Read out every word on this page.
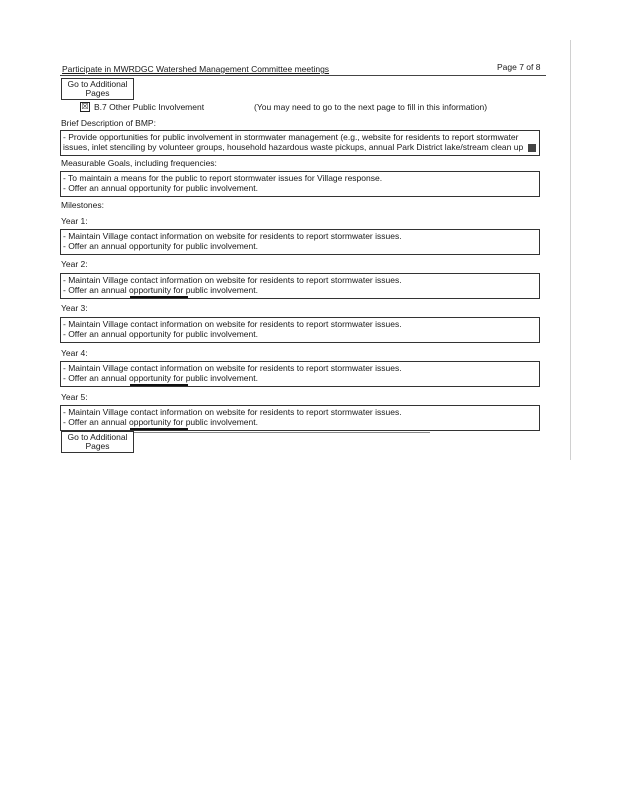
Participate in MWRDGC Watershed Management Committee meetings	Page 7 of 8
Go to Additional
Pages
☒ B.7 Other Public Involvement	(You may need to go to the next page to fill in this information)
Brief Description of BMP:
- Provide opportunities for public involvement in stormwater management (e.g., website for residents to report stormwater
issues, inlet stenciling by volunteer groups, household hazardous waste pickups, annual Park District lake/stream clean up
Measurable Goals, including frequencies:
- To maintain a means for the public to report stormwater issues for Village response.
- Offer an annual opportunity for public involvement.
Milestones:
Year 1:
- Maintain Village contact information on website for residents to report stormwater issues.
- Offer an annual opportunity for public involvement.
Year 2:
- Maintain Village contact information on website for residents to report stormwater issues.
- Offer an annual opportunity for public involvement.
Year 3:
- Maintain Village contact information on website for residents to report stormwater issues.
- Offer an annual opportunity for public involvement.
Year 4:
- Maintain Village contact information on website for residents to report stormwater issues.
- Offer an annual opportunity for public involvement.
Year 5:
- Maintain Village contact information on website for residents to report stormwater issues.
- Offer an annual opportunity for public involvement.
Go to Additional
Pages
